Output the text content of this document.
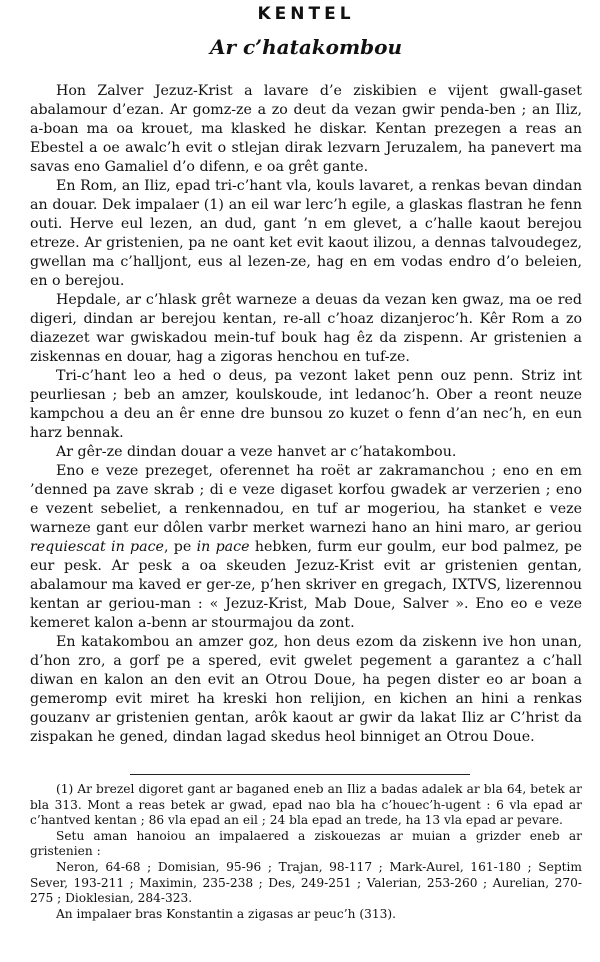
KENTEL
Ar c’hatakombou

Hon Zalver Jezuz-Krist a lavare d’e ziskibien e vijent gwall-gaset abalamour d’ezan. Ar gomz-ze a zo deut da vezan gwir penda-ben ; an Iliz, a-boan ma oa krouet, ma klasked he diskar. Kentan prezegen a reas an Ebestel a oe awalc’h evit o stlejan dirak lezvarn Jeruzalem, ha panevert ma savas eno Gamaliel d’o difenn, e oa grêt gante.

En Rom, an Iliz, epad tri-c’hant vla, kouls lavaret, a renkas bevan dindan an douar. Dek impalaer (1) an eil war lerc’h egile, a glaskas flastran he fenn outi. Herve eul lezen, an dud, gant ’n em glevet, a c’halle kaout berejou etreze. Ar gristenien, pa ne oant ket evit kaout ilizou, a dennas talvoudegez, gwellan ma c’halljont, eus al lezen-ze, hag en em vodas endro d’o beleien, en o berejou.

Hepdale, ar c’hlask grêt warneze a deuas da vezan ken gwaz, ma oe red digeri, dindan ar berejou kentan, re-all c’hoaz dizanjeroc’h. Kêr Rom a zo diazezet war gwiskadou mein-tuf bouk hag êz da zispenn. Ar gristenien a ziskennas en douar, hag a zigoras henchou en tuf-ze.

Tri-c’hant leo a hed o deus, pa vezont laket penn ouz penn. Striz int peurliesan ; beb an amzer, koulskoude, int ledanoc’h. Ober a reont neuze kampchou a deu an êr enne dre bunsou zo kuzet o fenn d’an nec’h, en eun harz bennak.

Ar gêr-ze dindan douar a veze hanvet ar c’hatakombou.

Eno e veze prezeget, oferennet ha roët ar zakramanchou ; eno en em ’denned pa zave skrab ; di e veze digaset korfou gwadek ar verzerien ; eno e vezent sebeliet, a renkennadou, en tuf ar mogeriou, ha stanket e veze warneze gant eur dôlen varbr merket warnezi hano an hini maro, ar geriou requiescat in pace, pe in pace hebken, furm eur goulm, eur bod palmez, pe eur pesk. Ar pesk a oa skeuden Jezuz-Krist evit ar gristenien gentan, abalamour ma kaved er ger-ze, p’hen skriver en gregach, IXTVS, lizerennou kentan ar geriou-man : « Jezuz-Krist, Mab Doue, Salver ». Eno eo e veze kemeret kalon a-benn ar stourmajou da zont.

En katakombou an amzer goz, hon deus ezom da ziskenn ive hon unan, d’hon zro, a gorf pe a spered, evit gwelet pegement a garantez a c’hall diwan en kalon an den evit an Otrou Doue, ha pegen dister eo ar boan a gemeromp evit miret ha kreski hon relijion, en kichen an hini a renkas gouzanv ar gristenien gentan, arôk kaout ar gwir da lakat Iliz ar C’hrist da zispakan he gened, dindan lagad skedus heol binniget an Otrou Doue.

(1) Ar brezel digoret gant ar baganed eneb an Iliz a badas adalek ar bla 64, betek ar bla 313. Mont a reas betek ar gwad, epad nao bla ha c’houec’h-ugent : 6 vla epad ar c’hantved kentan ; 86 vla epad an eil ; 24 bla epad an trede, ha 13 vla epad ar pevare.

Setu aman hanoiou an impalaered a ziskouezas ar muian a grizder eneb ar gristenien :

Neron, 64-68 ; Domisian, 95-96 ; Trajan, 98-117 ; Mark-Aurel, 161-180 ; Septim Sever, 193-211 ; Maximin, 235-238 ; Des, 249-251 ; Valerian, 253-260 ; Aurelian, 270-275 ; Dioklesian, 284-323.

An impalaer bras Konstantin a zigasas ar peuc’h (313).
